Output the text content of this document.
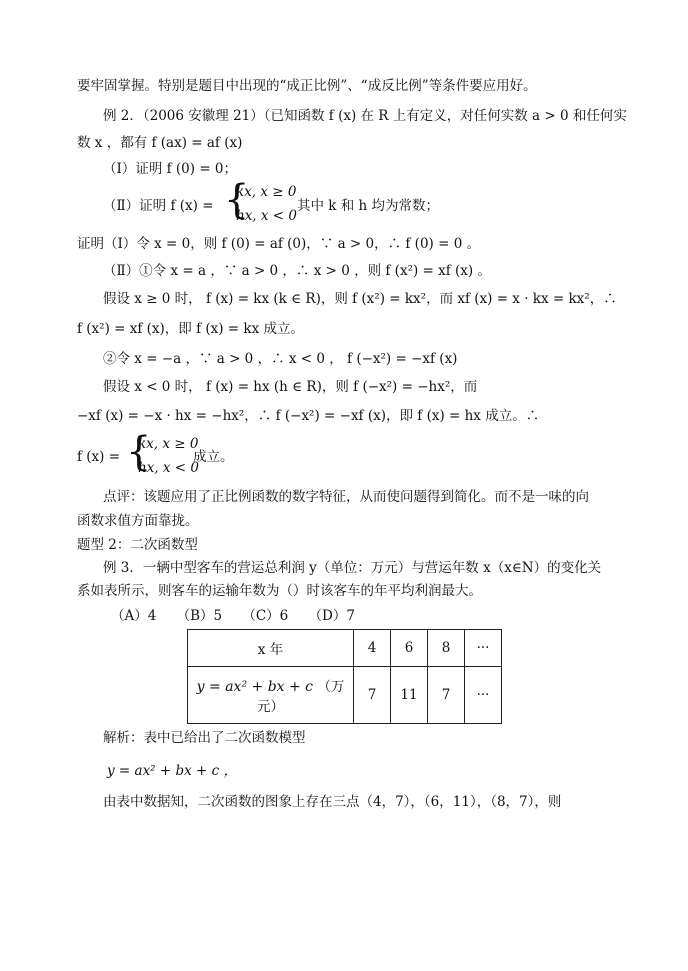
要牢固掌握。特别是题目中出现的“成正比例”、“成反比例”等条件要应用好。
例 2．（2006 安徽理 21）（已知函数 f (x) 在 R 上有定义，对任何实数 a > 0 和任何实
数 x ，都有 f (ax) = af (x)
（Ⅰ）证明 f (0) = 0；
（Ⅱ）证明 f (x) = {
kx, x ≥ 0
hx, x < 0
其中 k 和 h 均为常数；
证明（Ⅰ）令 x = 0，则 f (0) = af (0)，∵ a > 0，∴ f (0) = 0 。
（Ⅱ）①令 x = a ，∵ a > 0 ，∴ x > 0 ，则 f (x²) = xf (x) 。
假设 x ≥ 0 时， f (x) = kx (k ∈ R)，则 f (x²) = kx²，而 xf (x) = x · kx = kx²，∴
f (x²) = xf (x)，即 f (x) = kx 成立。
②令 x = −a ，∵ a > 0 ，∴ x < 0 ， f (−x²) = −xf (x)
假设 x < 0 时， f (x) = hx (h ∈ R)，则 f (−x²) = −hx²，而
−xf (x) = −x · hx = −hx²，∴ f (−x²) = −xf (x)，即 f (x) = hx 成立。∴
f (x) = {
kx, x ≥ 0
hx, x < 0
成立。
点评：该题应用了正比例函数的数字特征，从而使问题得到简化。而不是一味的向
函数求值方面靠拢。
题型 2：二次函数型
例 3．一辆中型客车的营运总利润 y（单位：万元）与营运年数 x（x∈N）的变化关
系如表所示，则客车的运输年数为（）时该客车的年平均利润最大。
（A）4　　（B）5　　（C）6　　（D）7
x 年	4	6	8	···
y = ax² + bx + c （万元）	7	11	7	···
解析：表中已给出了二次函数模型
y = ax² + bx + c ，
由表中数据知，二次函数的图象上存在三点（4，7），（6，11），（8，7），则
